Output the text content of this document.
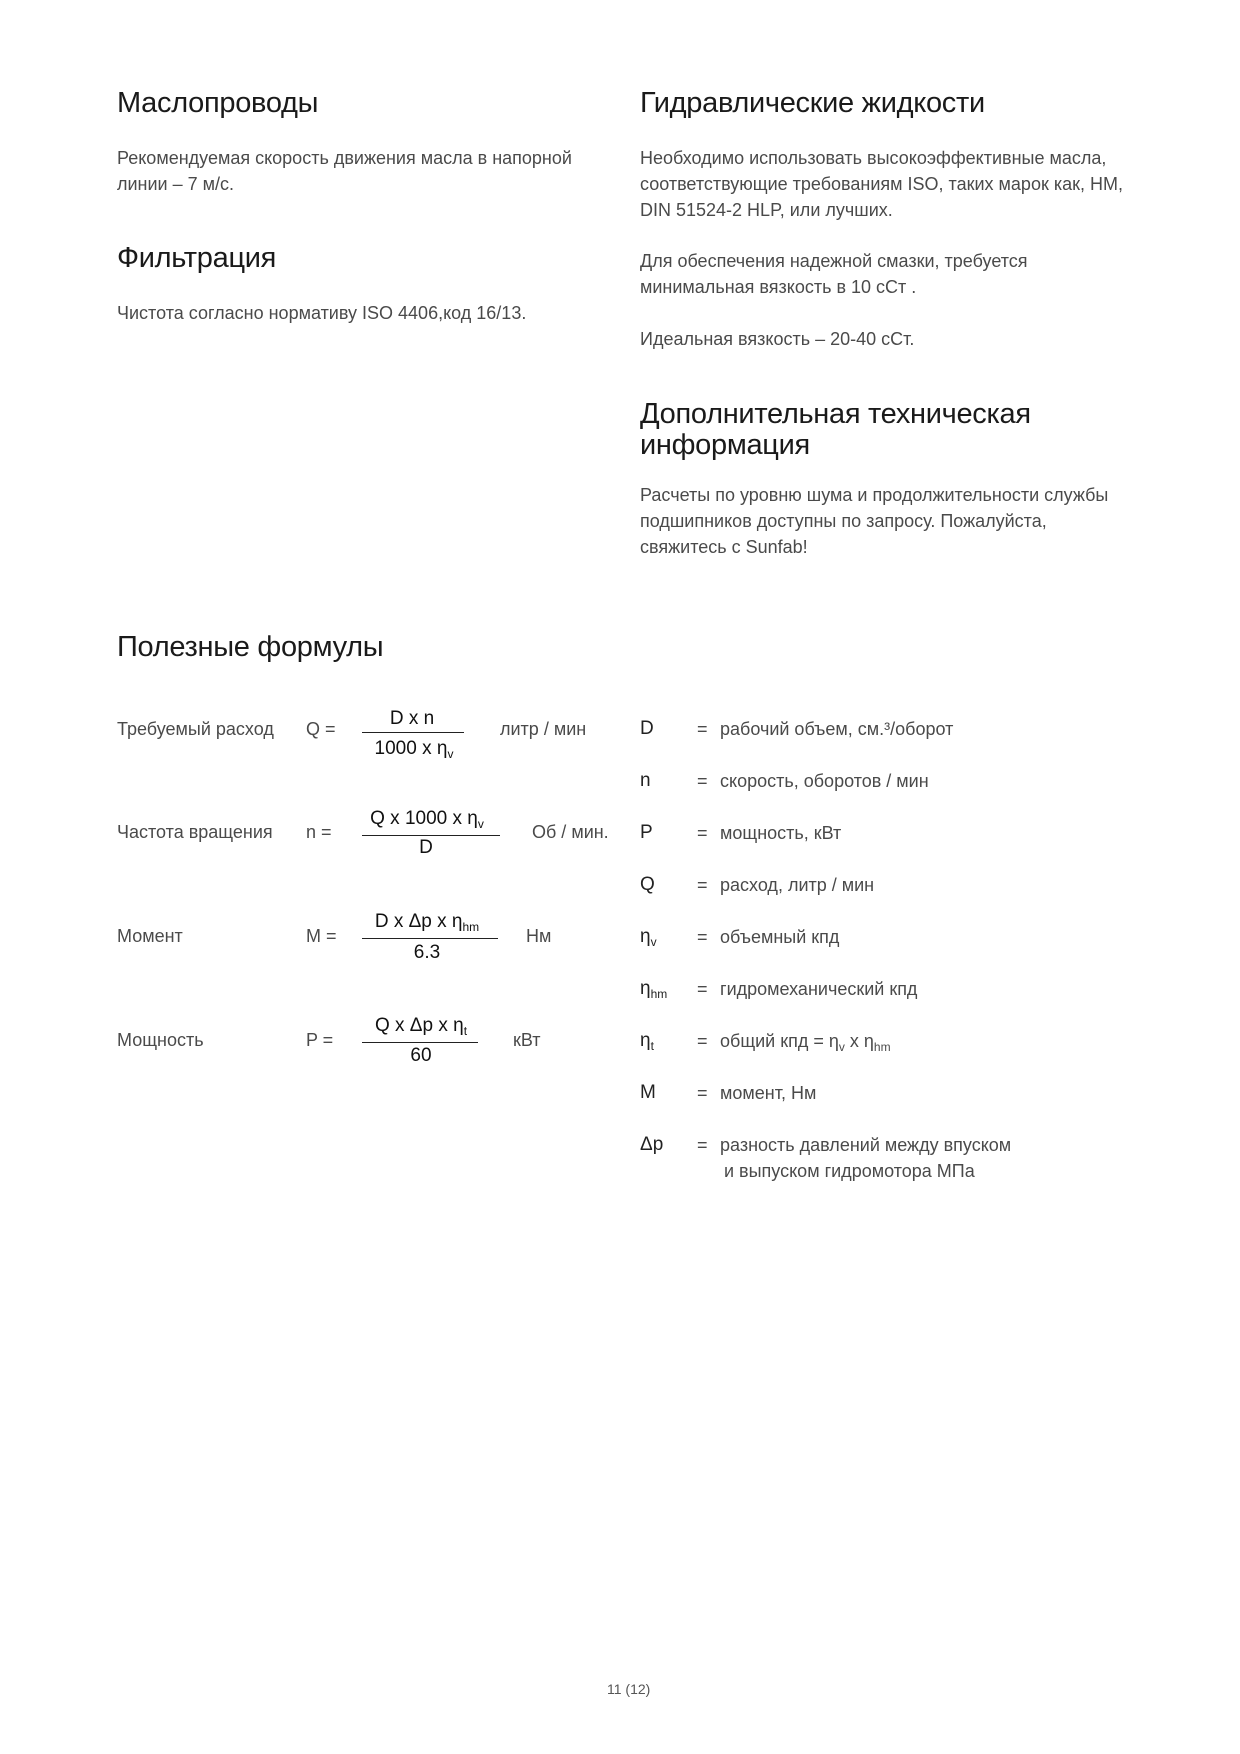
Маслопроводы
Рекомендуемая скорость движения масла в напорной
линии – 7 м/с.
Фильтрация
Чистота согласно нормативу ISO 4406,код 16/13.
Гидравлические жидкости
Необходимо использовать высокоэффективные масла,
соответствующие требованиям ISO, таких марок как, HM,
DIN 51524-2 HLP, или лучших.
Для обеспечения надежной смазки, требуется
минимальная вязкость в 10 сСт .
Идеальная вязкость – 20-40 сСт.
Дополнительная техническая
информация
Расчеты по уровню шума и продолжительности службы
подшипников доступны по запросу. Пожалуйста,
свяжитесь с Sunfab!
Полезные формулы
Требуемый расход Q =	D x n
1000 x $\eta_v$
литр / мин
Частота вращения n =
Q x 1000 x $\eta_v$
D
Об / мин.
Момент	M =
D x Δp x $\eta_{hm}$
6.3
Нм
Мощность	P =
Q x Δp x $\eta_t$
60
кВт
D = рабочий объем, см.³/оборот
n	= скорость, оборотов / мин
P = мощность, кВт
Q = расход, литр / мин
$\eta_v$ = объемный кпд
$\eta_{hm}$ = гидромеханический кпд
$\eta_t$ = общий кпд = $\eta_v$ x $\eta_{hm}$
M = момент, Нм
Δp = разность давлений между впуском
и выпуском гидромотора МПа
11 (12)
